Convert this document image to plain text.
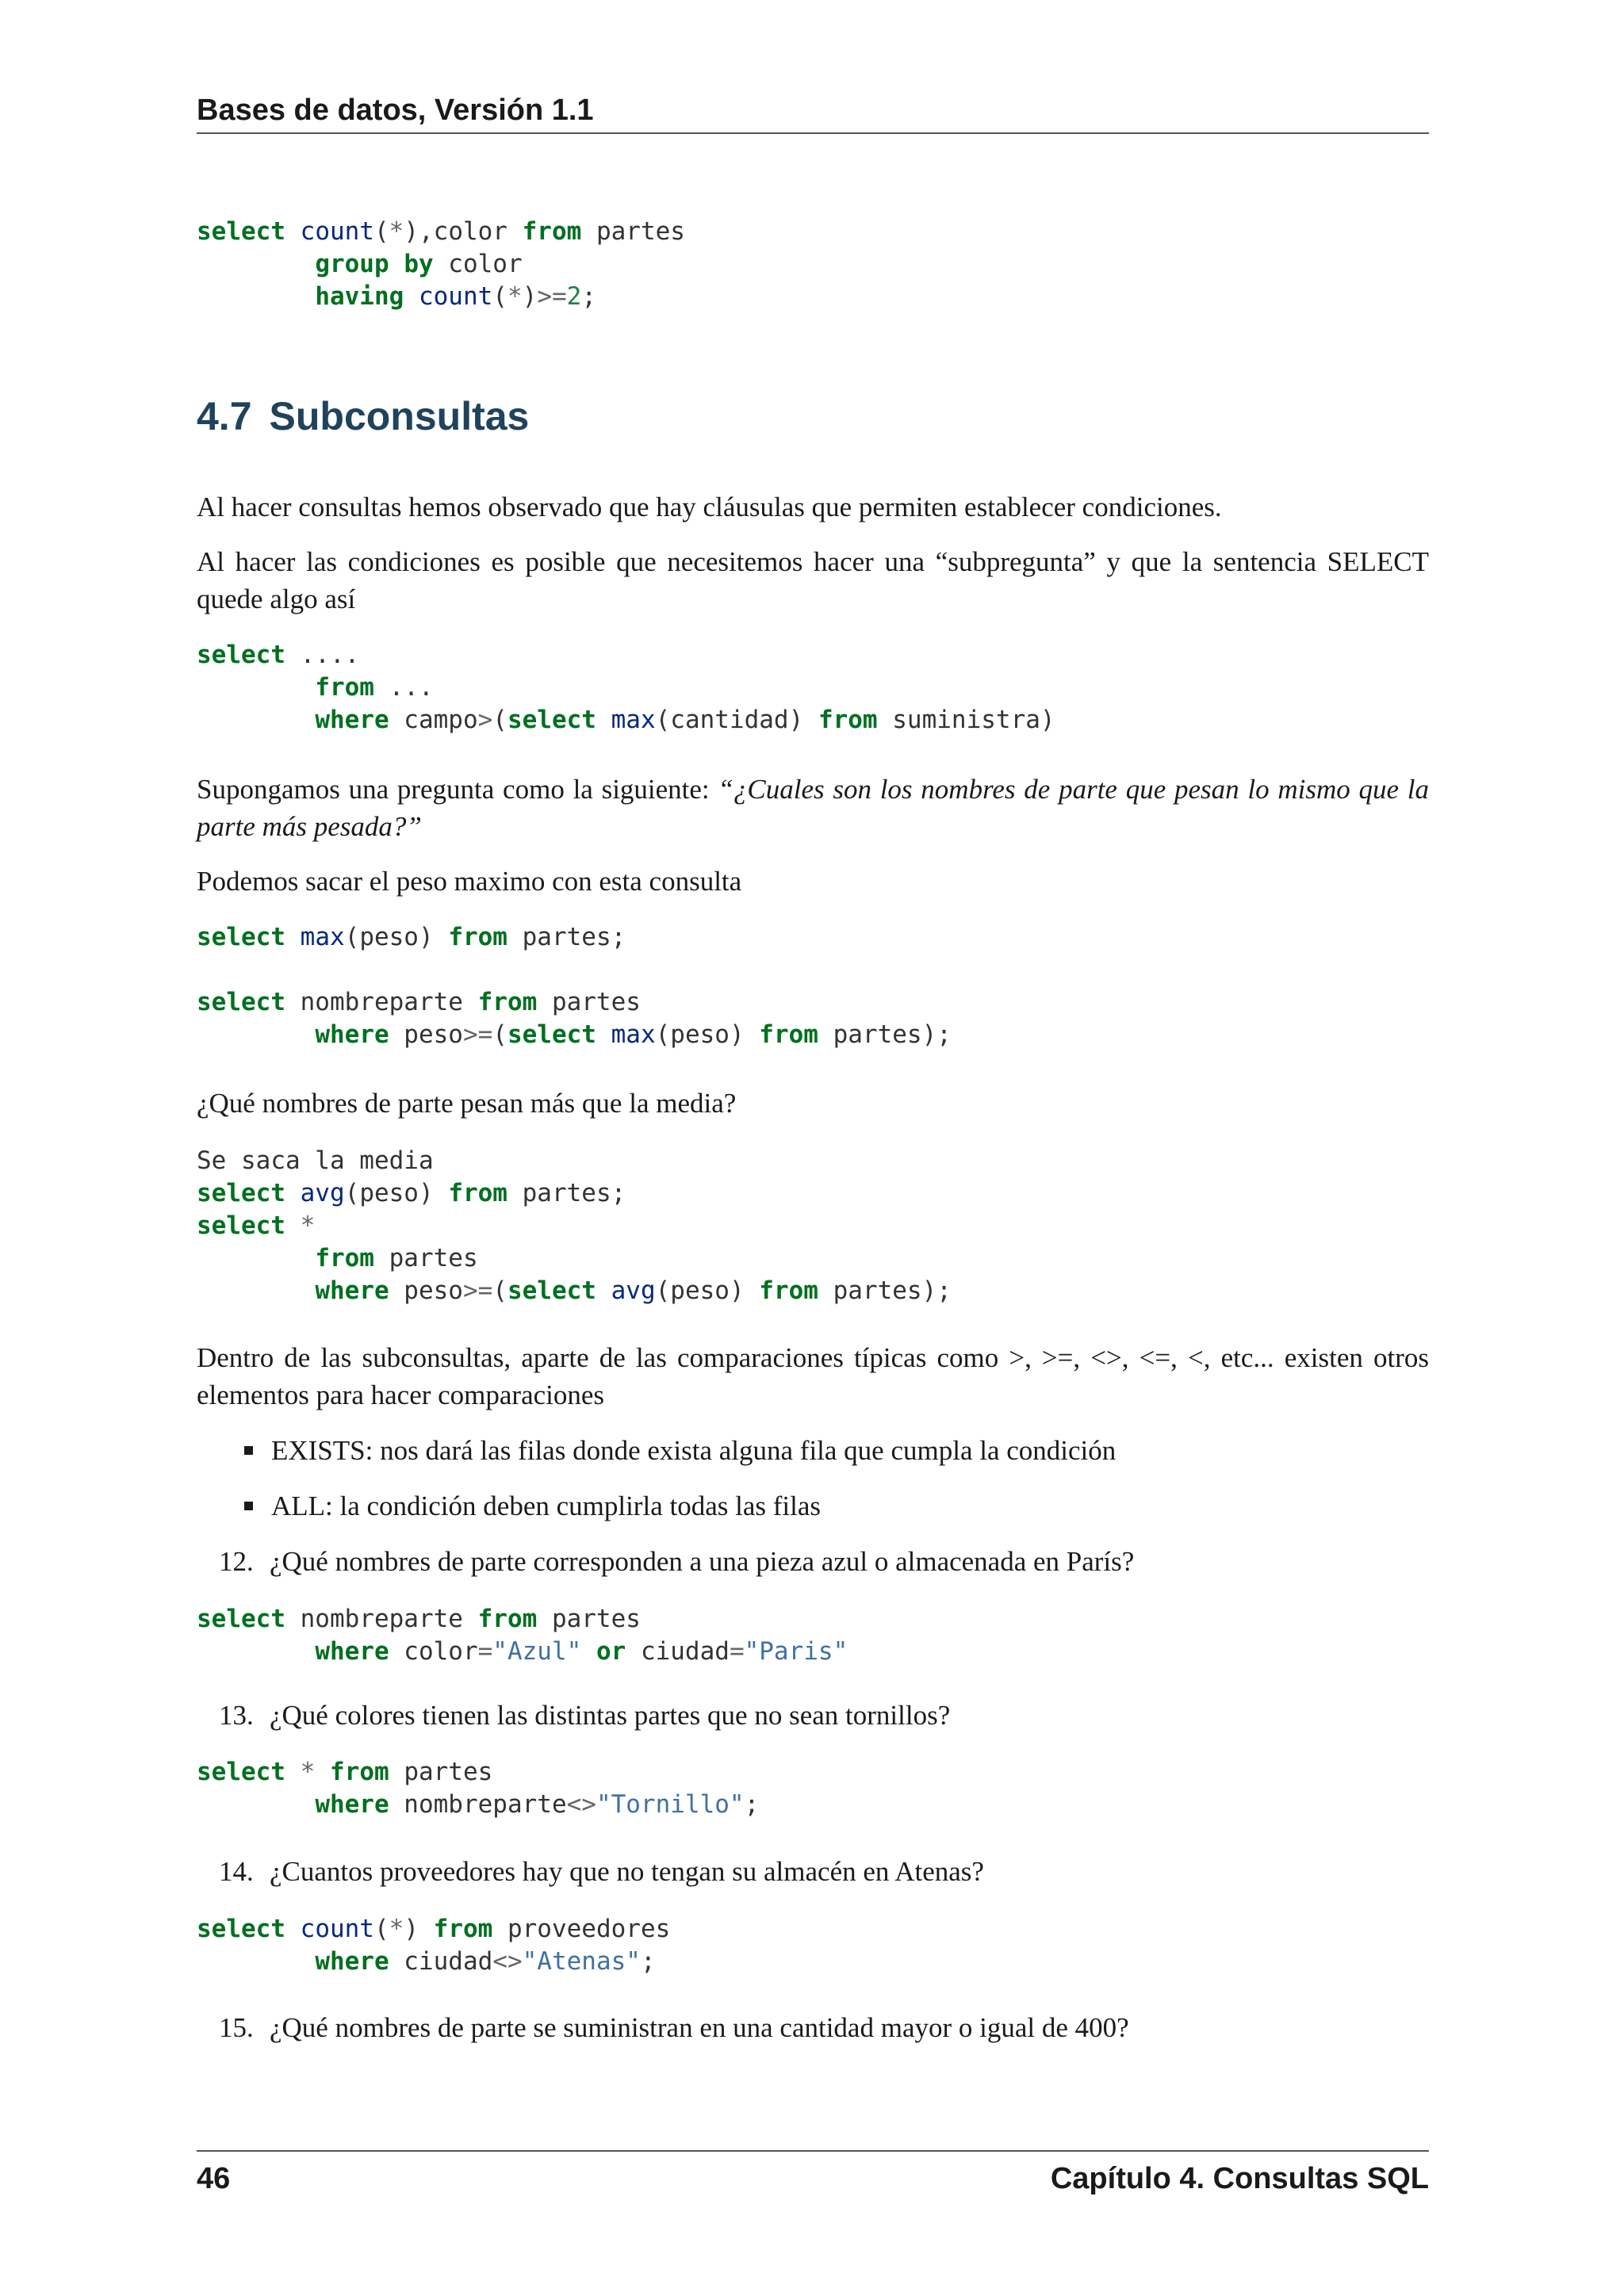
Bases de datos, Versión 1.1

select count(*),color from partes
group by color
having count(*)>=2;
4.7 Subconsultas

Al hacer consultas hemos observado que hay cláusulas que permiten establecer condiciones.

Al hacer las condiciones es posible que necesitemos hacer una “subpregunta” y que la sentencia SELECT quede algo así

select ....
from ...
where campo>(select max(cantidad) from suministra)

Supongamos una pregunta como la siguiente: “¿Cuales son los nombres de parte que pesan lo mismo que la parte más pesada?”

Podemos sacar el peso maximo con esta consulta

select max(peso) from partes;

select nombreparte from partes
where peso>=(select max(peso) from partes);

¿Qué nombres de parte pesan más que la media?

Se saca la media
select avg(peso) from partes;
select *
from partes
where peso>=(select avg(peso) from partes);

Dentro de las subconsultas, aparte de las comparaciones típicas como >, >=, <>, <=, <, etc... existen otros elementos para hacer comparaciones

EXISTS: nos dará las filas donde exista alguna fila que cumpla la condición
ALL: la condición deben cumplirla todas las filas
12. ¿Qué nombres de parte corresponden a una pieza azul o almacenada en París?
select nombreparte from partes
where color="Azul" or ciudad="Paris"
13. ¿Qué colores tienen las distintas partes que no sean tornillos?
select * from partes
where nombreparte<>"Tornillo";
14. ¿Cuantos proveedores hay que no tengan su almacén en Atenas?
select count(*) from proveedores
where ciudad<>"Atenas";
15. ¿Qué nombres de parte se suministran en una cantidad mayor o igual de 400?
46	Capítulo 4. Consultas SQL
